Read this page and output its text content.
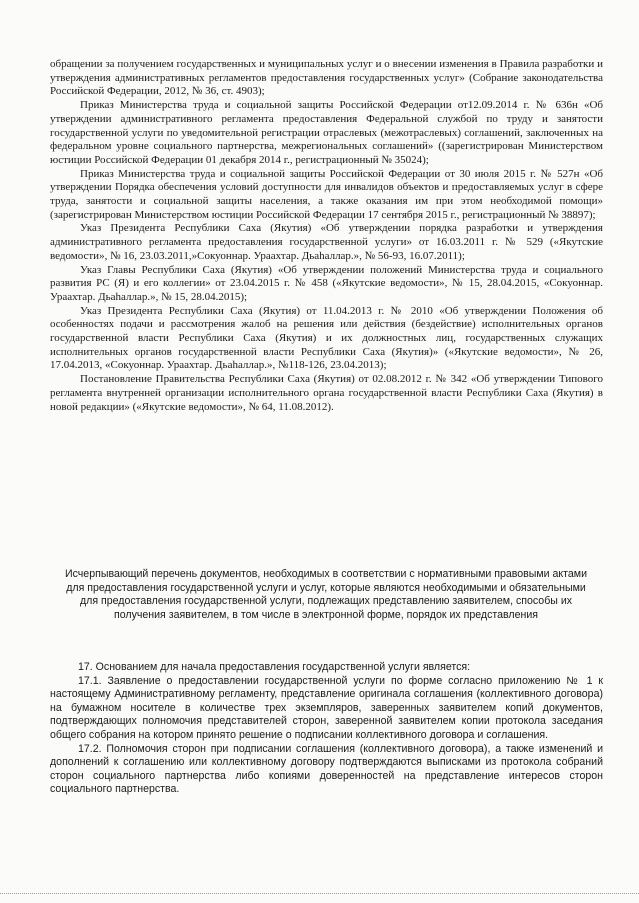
обращении за получением государственных и муниципальных услуг и о внесении изменения в Правила разработки и утверждения административных регламентов предоставления государственных услуг» (Собрание законодательства Российской Федерации, 2012, № 36, ст. 4903);

Приказ Министерства труда и социальной защиты Российской Федерации от12.09.2014 г. № 636н «Об утверждении административного регламента предоставления Федеральной службой по труду и занятости государственной услуги по уведомительной регистрации отраслевых (межотраслевых) соглашений, заключенных на федеральном уровне социального партнерства, межрегиональных соглашений» ((зарегистрирован Министерством юстиции Российской Федерации 01 декабря 2014 г., регистрационный № 35024);

Приказ Министерства труда и социальной защиты Российской Федерации от 30 июля 2015 г. № 527н «Об утверждении Порядка обеспечения условий доступности для инвалидов объектов и предоставляемых услуг в сфере труда, занятости и социальной защиты населения, а также оказания им при этом необходимой помощи» (зарегистрирован Министерством юстиции Российской Федерации 17 сентября 2015 г., регистрационный № 38897);

Указ Президента Республики Саха (Якутия) «Об утверждении порядка разработки и утверждения административного регламента предоставления государственной услуги» от 16.03.2011 г. № 529 («Якутские ведомости», № 16, 23.03.2011,»Сокуоннар. Ураахтар. Дьаһаллар.», № 56-93, 16.07.2011);

Указ Главы Республики Саха (Якутия) «Об утверждении положений Министерства труда и социального развития РС (Я) и его коллегии» от 23.04.2015 г. № 458 («Якутские ведомости», № 15, 28.04.2015, «Сокуоннар. Ураахтар. Дьаһаллар.», № 15, 28.04.2015);

Указ Президента Республики Саха (Якутия) от 11.04.2013 г. № 2010 «Об утверждении Положения об особенностях подачи и рассмотрения жалоб на решения или действия (бездействие) исполнительных органов государственной власти Республики Саха (Якутия) и их должностных лиц, государственных служащих исполнительных органов государственной власти Республики Саха (Якутия)» («Якутские ведомости», № 26, 17.04.2013, «Сокуоннар. Ураахтар. Дьаһаллар.», №118-126, 23.04.2013);

Постановление Правительства Республики Саха (Якутия) от 02.08.2012 г. № 342 «Об утверждении Типового регламента внутренней организации исполнительного органа государственной власти Республики Саха (Якутия) в новой редакции» («Якутские ведомости», № 64, 11.08.2012).

Исчерпывающий перечень документов, необходимых в соответствии с нормативными правовыми актами для предоставления государственной услуги и услуг, которые являются необходимыми и обязательными для предоставления государственной услуги, подлежащих представлению заявителем, способы их получения заявителем, в том числе в электронной форме, порядок их представления

17. Основанием для начала предоставления государственной услуги является:

17.1. Заявление о предоставлении государственной услуги по форме согласно приложению № 1 к настоящему Административному регламенту, представление оригинала соглашения (коллективного договора) на бумажном носителе в количестве трех экземпляров, заверенных заявителем копий документов, подтверждающих полномочия представителей сторон, заверенной заявителем копии протокола заседания общего собрания на котором принято решение о подписании коллективного договора и соглашения.

17.2. Полномочия сторон при подписании соглашения (коллективного договора), а также изменений и дополнений к соглашению или коллективному договору подтверждаются выписками из протокола собраний сторон социального партнерства либо копиями доверенностей на представление интересов сторон социального партнерства.
